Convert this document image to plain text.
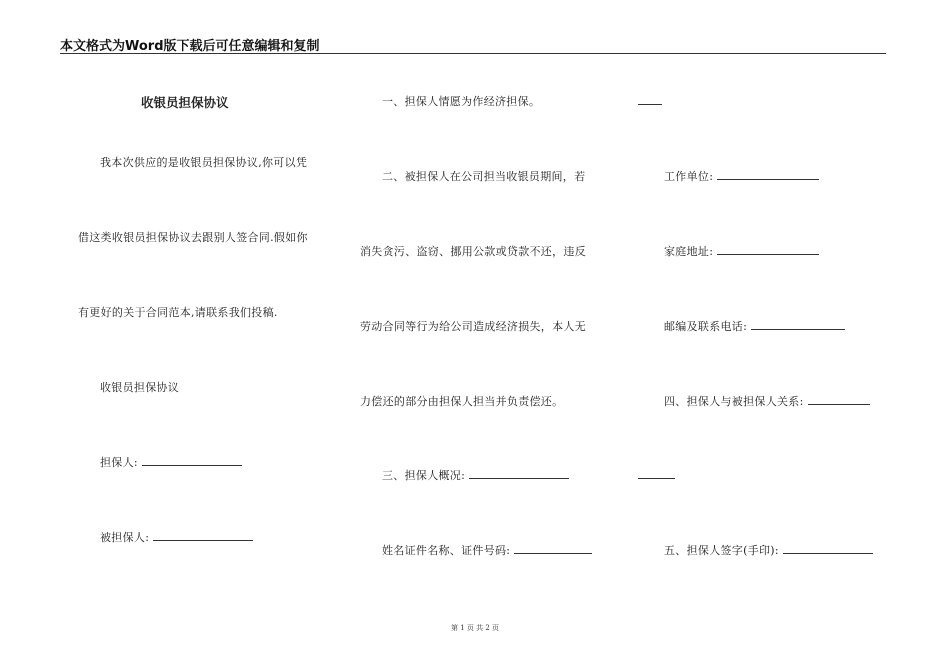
本文格式为Word版下载后可任意编辑和复制
收银员担保协议
我本次供应的是收银员担保协议,你可以凭
借这类收银员担保协议去跟别人签合同.假如你
有更好的关于合同范本,请联系我们投稿.
收银员担保协议
担保人:
被担保人:
一、担保人情愿为作经济担保。
二、被担保人在公司担当收银员期间，若
消失贪污、盗窃、挪用公款或贷款不还，违反
劳动合同等行为给公司造成经济损失，本人无
力偿还的部分由担保人担当并负责偿还。
三、担保人概况:
姓名证件名称、证件号码:
工作单位:
家庭地址:
邮编及联系电话:
四、担保人与被担保人关系:
五、担保人签字(手印):
第 1 页 共 2 页
